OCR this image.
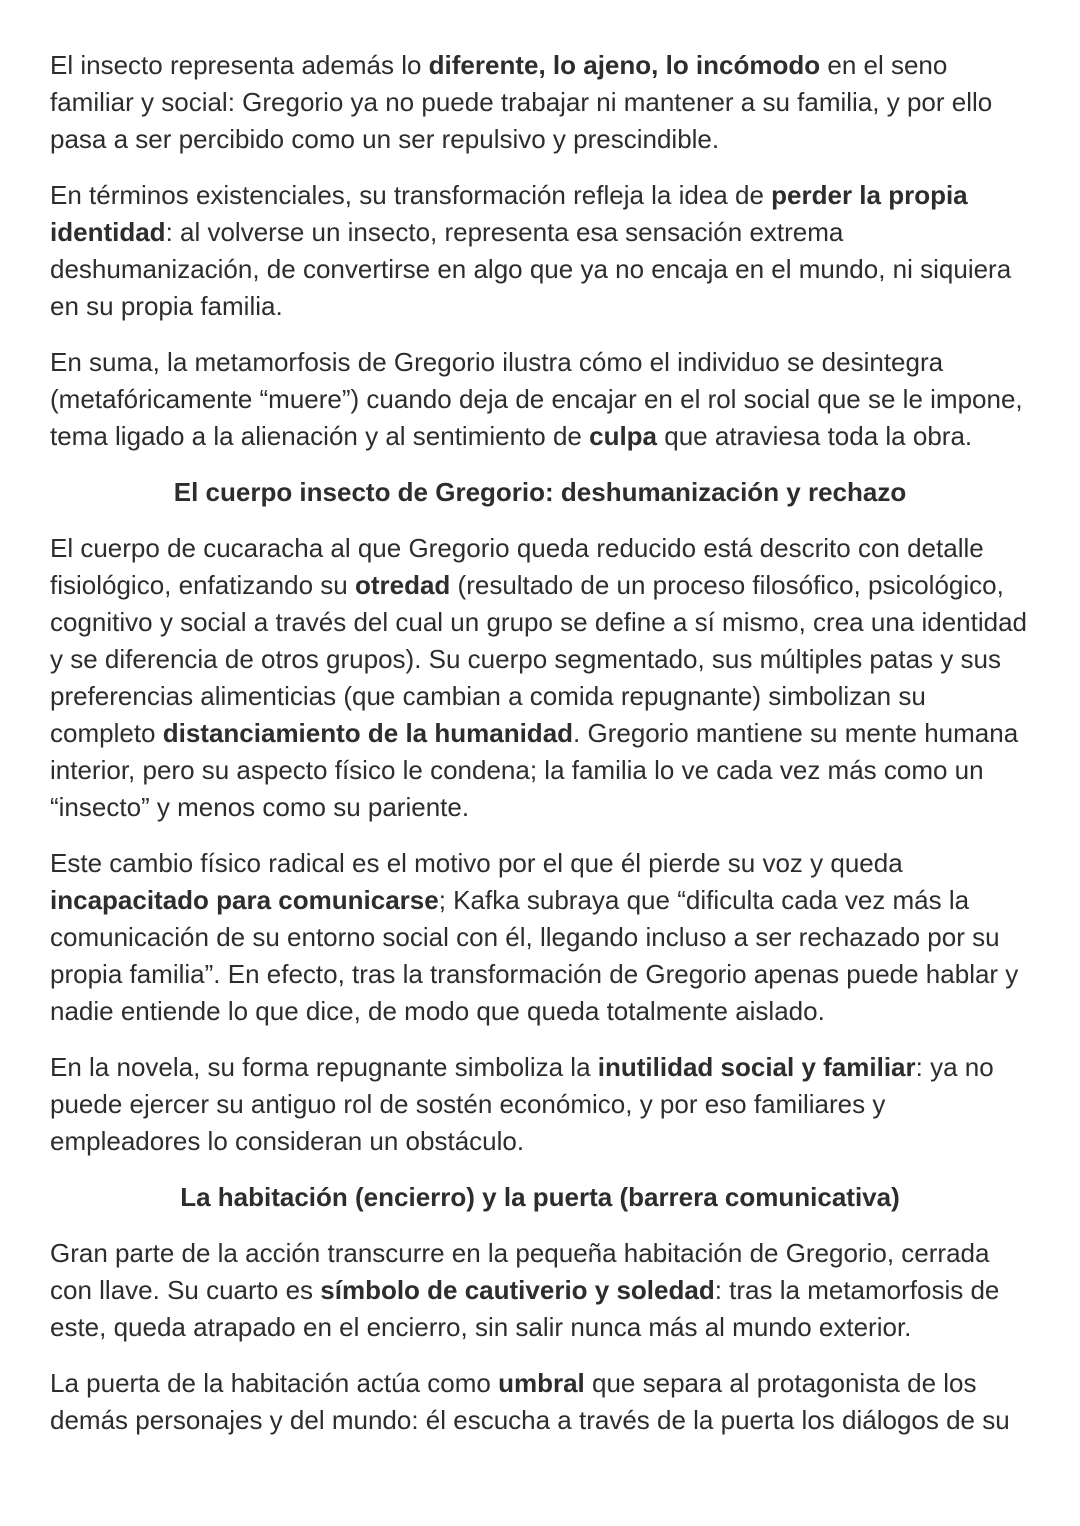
El insecto representa además lo diferente, lo ajeno, lo incómodo en el seno familiar y social: Gregorio ya no puede trabajar ni mantener a su familia, y por ello pasa a ser percibido como un ser repulsivo y prescindible.

En términos existenciales, su transformación refleja la idea de perder la propia identidad: al volverse un insecto, representa esa sensación extrema deshumanización, de convertirse en algo que ya no encaja en el mundo, ni siquiera en su propia familia.

En suma, la metamorfosis de Gregorio ilustra cómo el individuo se desintegra (metafóricamente “muere”) cuando deja de encajar en el rol social que se le impone, tema ligado a la alienación y al sentimiento de culpa que atraviesa toda la obra.

El cuerpo insecto de Gregorio: deshumanización y rechazo

El cuerpo de cucaracha al que Gregorio queda reducido está descrito con detalle fisiológico, enfatizando su otredad (resultado de un proceso filosófico, psicológico, cognitivo y social a través del cual un grupo se define a sí mismo, crea una identidad y se diferencia de otros grupos). Su cuerpo segmentado, sus múltiples patas y sus preferencias alimenticias (que cambian a comida repugnante) simbolizan su completo distanciamiento de la humanidad. Gregorio mantiene su mente humana interior, pero su aspecto físico le condena; la familia lo ve cada vez más como un “insecto” y menos como su pariente.

Este cambio físico radical es el motivo por el que él pierde su voz y queda incapacitado para comunicarse; Kafka subraya que “dificulta cada vez más la comunicación de su entorno social con él, llegando incluso a ser rechazado por su propia familia”. En efecto, tras la transformación de Gregorio apenas puede hablar y nadie entiende lo que dice, de modo que queda totalmente aislado.

En la novela, su forma repugnante simboliza la inutilidad social y familiar: ya no puede ejercer su antiguo rol de sostén económico, y por eso familiares y empleadores lo consideran un obstáculo.

La habitación (encierro) y la puerta (barrera comunicativa)

Gran parte de la acción transcurre en la pequeña habitación de Gregorio, cerrada con llave. Su cuarto es símbolo de cautiverio y soledad: tras la metamorfosis de este, queda atrapado en el encierro, sin salir nunca más al mundo exterior.

La puerta de la habitación actúa como umbral que separa al protagonista de los demás personajes y del mundo: él escucha a través de la puerta los diálogos de su
